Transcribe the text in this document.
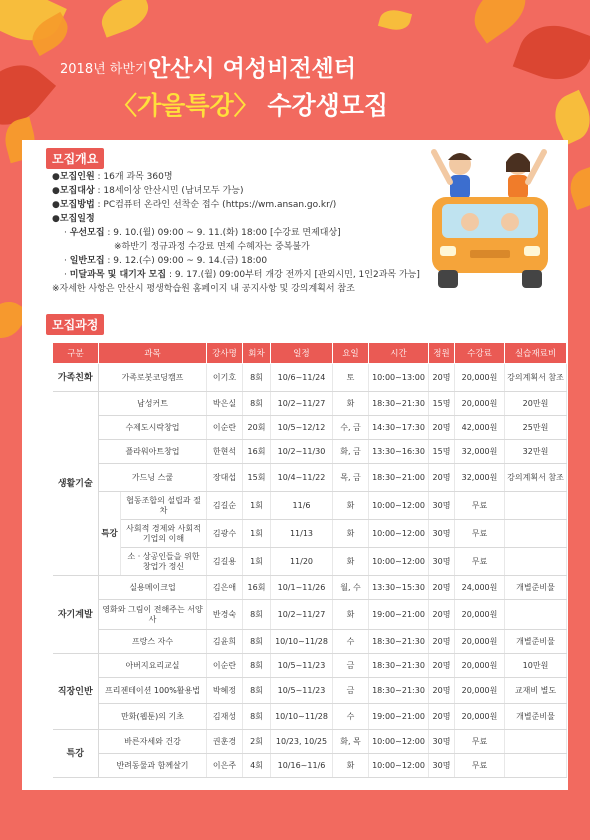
2018년 하반기 안산시 여성비전센터
〈가을특강〉 수강생모집
모집개요
●모집인원 : 16개 과목 360명
●모집대상 : 18세이상 안산시민 (남녀모두 가능)
●모집방법 : PC컴퓨터 온라인 선착순 접수 (https://wm.ansan.go.kr/)
●모집일정
· 우선모집 : 9. 10.(월) 09:00 ~ 9. 11.(화) 18:00 [수강료 면제대상]
※하반기 정규과정 수강료 면제 수혜자는 중복불가
· 일반모집 : 9. 12.(수) 09:00 ~ 9. 14.(금) 18:00
· 미달과목 및 대기자 모집 : 9. 17.(월) 09:00부터 개강 전까지 [관외시민, 1인2과목 가능]
※자세한 사항은 안산시 평생학습원 홈페이지 내 공지사항 및 강의계획서 참조
모집과정
구분	과목		강사명	회차	일정	요일	시간	정원	수강료	실습재료비
가족친화	가족로봇코딩캠프		이기호	8회	10/6~11/24	토	10:00~13:00	20명	20,000원	강의계획서 참조
생활기술	남성커트		박은실	8회	10/2~11/27	화	18:30~21:30	15명	20,000원	20만원
	수제도시락창업		이순란	20회	10/5~12/12	수, 금	14:30~17:30	20명	42,000원	25만원
	플라워아트창업		한현석	16회	10/2~11/30	화, 금	13:30~16:30	15명	32,000원	32만원
	가드닝 스쿨		장대섭	15회	10/4~11/22	목, 금	18:30~21:00	20명	32,000원	강의계획서 참조
	특강	협동조합의 설립과 절차	김길순	1회	11/6	화	10:00~12:00	30명	무료	
		사회적 경제와 사회적 기업의 이해	김광수	1회	11/13	화	10:00~12:00	30명	무료	
		소 · 상공인들을 위한 창업가 정신	김길용	1회	11/20	화	10:00~12:00	30명	무료	
자기계발	실용메이크업		김은애	16회	10/1~11/26	월, 수	13:30~15:30	20명	24,000원	개별준비물
	영화와 그림이 전해주는 서양사		반경숙	8회	10/2~11/27	화	19:00~21:00	20명	20,000원	
	프랑스 자수		김윤희	8회	10/10~11/28	수	18:30~21:30	20명	20,000원	개별준비물
직장인반	아버지요리교실		이순란	8회	10/5~11/23	금	18:30~21:30	20명	20,000원	10만원
	프리젠테이션 100%활용법		박혜정	8회	10/5~11/23	금	18:30~21:30	20명	20,000원	교재비 별도
	만화(웹툰)의 기초		김재성	8회	10/10~11/28	수	19:00~21:00	20명	20,000원	개별준비물
특강	바른자세와 건강		권훈경	2회	10/23, 10/25	화, 목	10:00~12:00	30명	무료	
	반려동물과 함께살기		이은주	4회	10/16~11/6	화	10:00~12:00	30명	무료	
